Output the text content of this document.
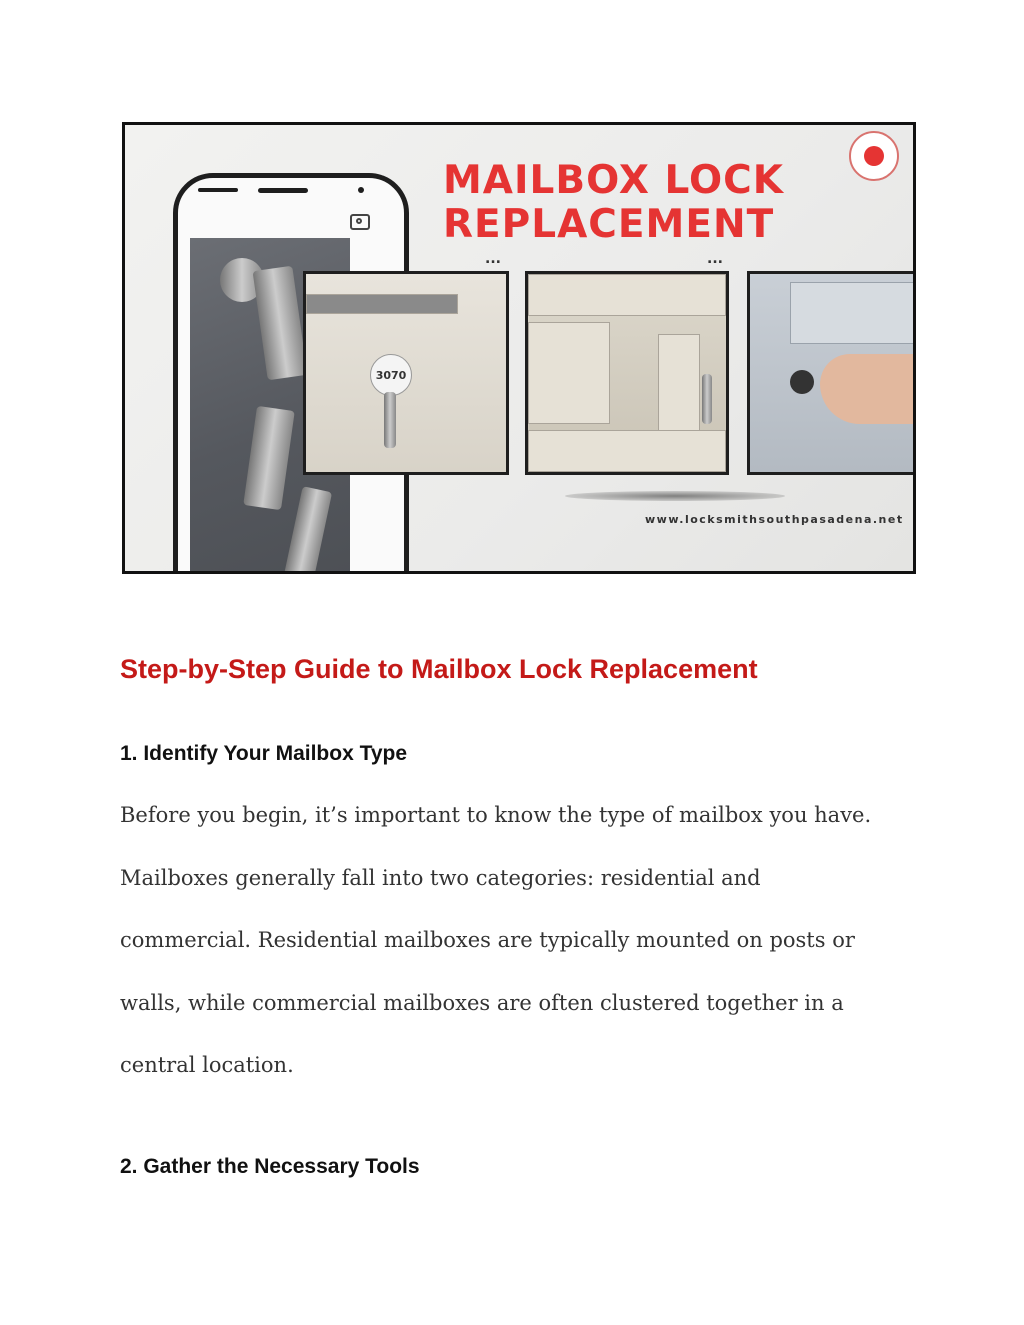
MAILBOX LOCK
REPLACEMENT
...	...
3070
www.locksmithsouthpasadena.net
Step-by-Step Guide to Mailbox Lock Replacement
1. Identify Your Mailbox Type
Before you begin, it’s important to know the type of mailbox you have.
Mailboxes generally fall into two categories: residential and
commercial. Residential mailboxes are typically mounted on posts or
walls, while commercial mailboxes are often clustered together in a
central location.
2. Gather the Necessary Tools
